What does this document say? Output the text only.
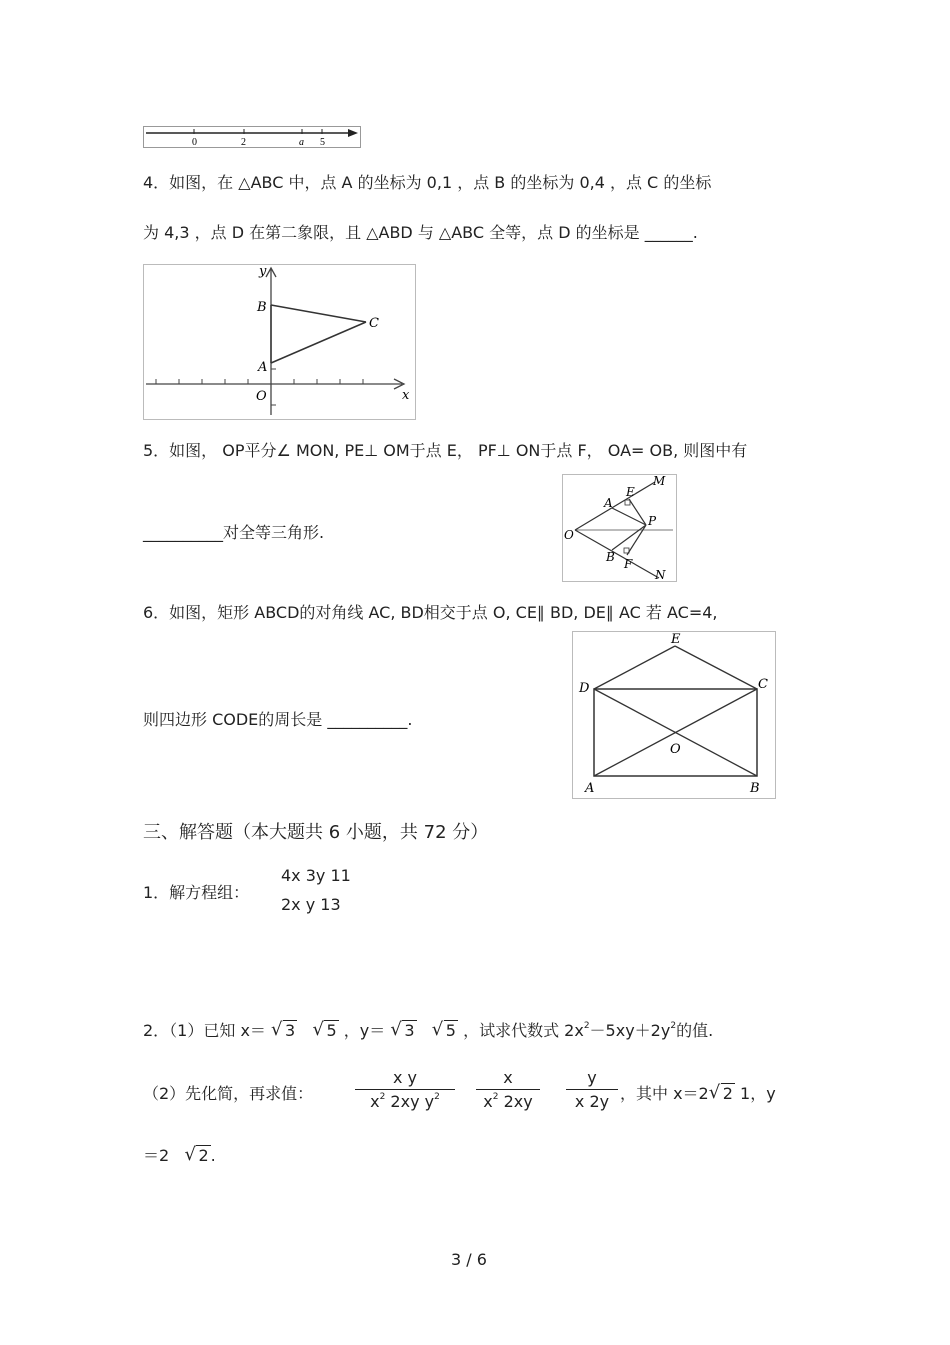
0	2	a 5
4．如图，在 △ABC 中，点 A 的坐标为 0,1 ，点 B 的坐标为 0,4 ，点 C 的坐标
为 4,3 ，点 D 在第二象限，且 △ABD 与 △ABC 全等，点 D 的坐标是 ______.
y
x
B
C
A
O
5．如图， OP平分∠ MON, PE⊥ OM于点 E， PF⊥ ON于点 F， OA= OB, 则图中有
__________对全等三角形.
M
E
A
P
O
B F
N
6．如图，矩形 ABCD的对角线 AC, BD相交于点 O, CE∥ BD, DE∥ AC 若 AC=4,
则四边形 CODE的周长是 __________.
E
D	C
O
A	B
三、解答题（本大题共 6 小题，共 72 分）
1．解方程组：
4x 3y 11
2x y 13
2．（1）已知 x＝ √ 3 √ 5 ，y＝ √ 3 √ 5 ，试求代数式 $2x^2-5xy+2y^2$的值.
（2）先化简，再求值：
x y
$x^2$ 2xy $y^2$
x
$x^2$ 2xy
y
x 2y ，其中 x＝2 √ 2 1，y
＝2 √ 2 .
3 / 6
